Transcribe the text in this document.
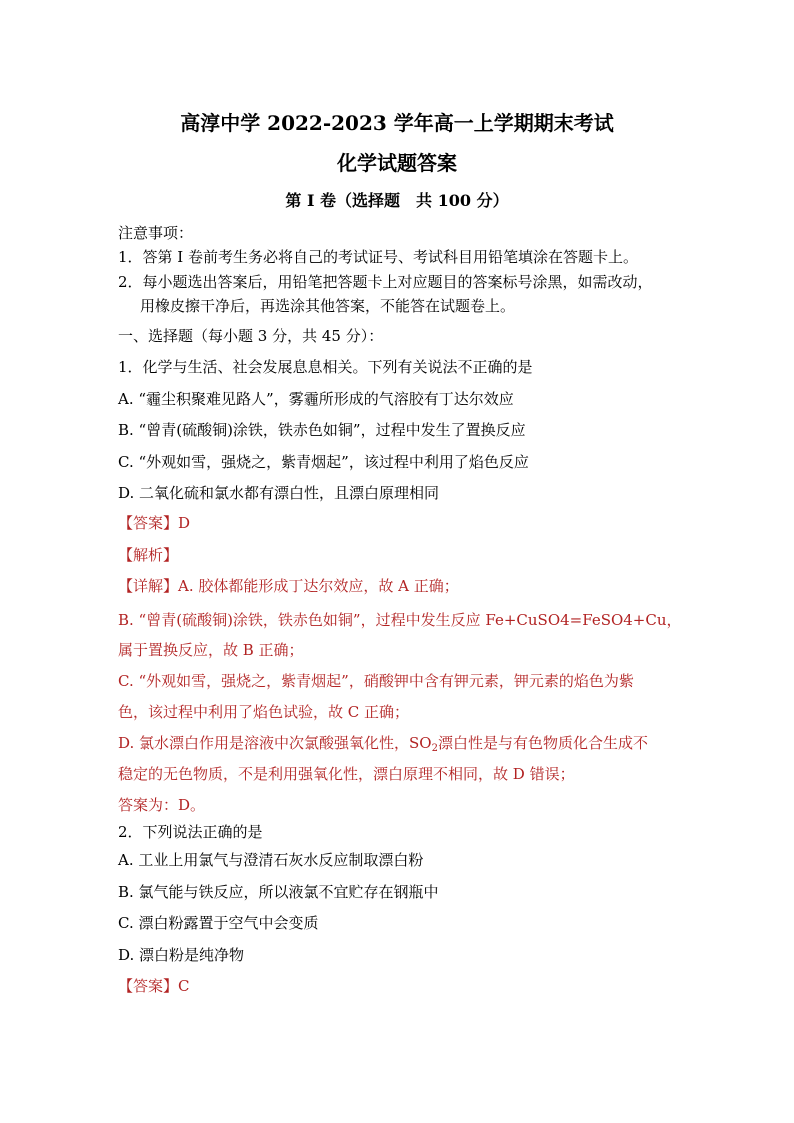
高淳中学 2022-2023 学年高一上学期期末考试
化学试题答案
第 I 卷（选择题　共 100 分）
注意事项：
1．答第 I 卷前考生务必将自己的考试证号、考试科目用铅笔填涂在答题卡上。
2．每小题选出答案后，用铅笔把答题卡上对应题目的答案标号涂黑，如需改动，
用橡皮擦干净后，再选涂其他答案，不能答在试题卷上。
一、选择题（每小题 3 分，共 45 分）：
1．化学与生活、社会发展息息相关。下列有关说法不正确的是
A. “霾尘积聚难见路人”，雾霾所形成的气溶胶有丁达尔效应
B. “曾青(硫酸铜)涂铁，铁赤色如铜”，过程中发生了置换反应
C. “外观如雪，强烧之，紫青烟起”，该过程中利用了焰色反应
D. 二氧化硫和氯水都有漂白性，且漂白原理相同
【答案】D
【解析】
【详解】A. 胶体都能形成丁达尔效应，故 A 正确；
B. “曾青(硫酸铜)涂铁，铁赤色如铜”，过程中发生反应 Fe+CuSO4=FeSO4+Cu，
属于置换反应，故 B 正确；
C. “外观如雪，强烧之，紫青烟起”，硝酸钾中含有钾元素，钾元素的焰色为紫
色，该过程中利用了焰色试验，故 C 正确；
D. 氯水漂白作用是溶液中次氯酸强氧化性，$SO_2$漂白性是与有色物质化合生成不
稳定的无色物质，不是利用强氧化性，漂白原理不相同，故 D 错误；
答案为：D。
2．下列说法正确的是
A. 工业上用氯气与澄清石灰水反应制取漂白粉
B. 氯气能与铁反应，所以液氯不宜贮存在钢瓶中
C. 漂白粉露置于空气中会变质
D. 漂白粉是纯净物
【答案】C
